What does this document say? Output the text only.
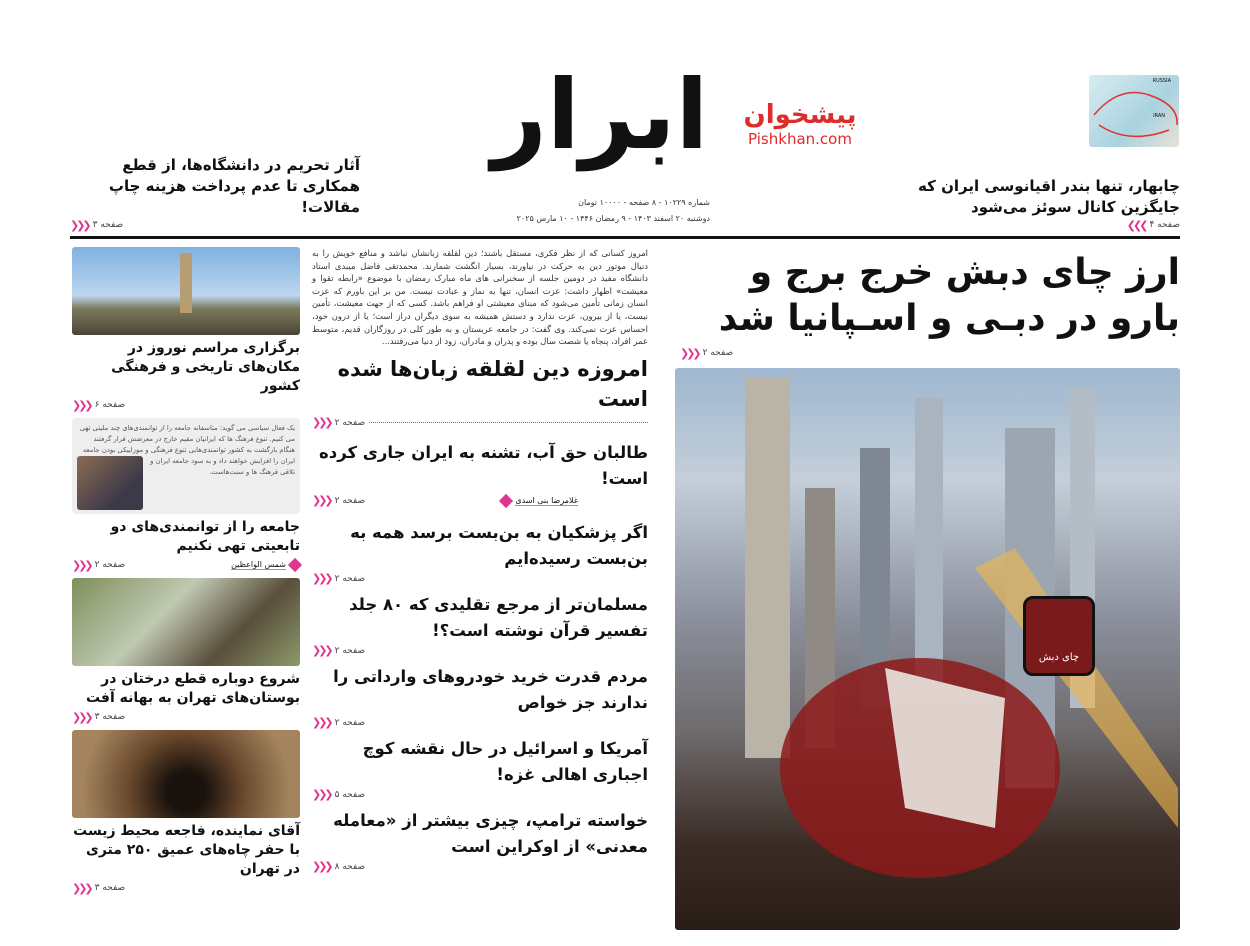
ابرار
شماره ۱۰۲۲۹ - ۸ صفحه - ۱۰۰۰۰ تومان
دوشنبه ۲۰ اسفند ۱۴۰۳ - ۹ رمضان ۱۴۴۶ - ۱۰ مارس ۲۰۲۵
پیشخوان
Pishkhan.com
RUSSIA
IRAN
چابهار، تنها بندر اقیانوسی ایران که جایگزین کانال سوئز می‌شود
❮❮❮ صفحه ۴
آثار تحریم در دانشگاه‌ها، از قطع همکاری تا عدم پرداخت هزینه چاپ مقالات!
❯❯❯ صفحه ۳
ارز چای دبش خرج برج و بارو در دبـی و اسـپانیا شد
❯❯❯ صفحه ۲
چای دبش
امروز کسانی که از نظر فکری، مستقل باشند؛ دین لقلقه زبانشان نباشد و منافع خویش را به دنبال موتور دین به حرکت در نیاورند، بسیار انگشت شمارند. محمدتقی فاضل میبدی استاد دانشگاه مفید در دومین جلسه از سخنرانی های ماه مبارک رمضان با موضوع «رابطه تقوا و معیشت» اظهار داشت: عزت انسان، تنها به نماز و عبادت نیست. من بر این باورم که عزت انسان زمانی تأمین می‌شود که مبنای معیشتی او فراهم باشد. کسی که از جهت معیشت، تأمین نیست، یا از بیرون، عزت ندارد و دستش همیشه به سوی دیگران دراز است؛ یا از درون خود، احساس عزت نمی‌کند. وی گفت: در جامعه عربستان و به طور کلی در روزگاران قدیم، متوسط عمر افراد، پنجاه یا شصت سال بوده و پدران و مادران، زود از دنیا می‌رفتند...
امروزه دین لقلقه زبان‌ها شده است
❯❯❯ صفحه ۲
طالبان حق آب، تشنه به ایران جاری کرده است!
❯❯❯ صفحه ۲	غلامرضا بنی اسدی
اگر پزشکیان به بن‌بست برسد همه به بن‌بست رسیده‌ایم
❯❯❯ صفحه ۲
مسلمان‌تر از مرجع تقلیدی که ۸۰ جلد تفسیر قرآن نوشته است؟!
❯❯❯ صفحه ۲
مردم قدرت خرید خودروهای وارداتی را ندارند جز خواص
❯❯❯ صفحه ۲
آمریکا و اسرائیل در حال نقشه کوچ اجباری اهالی غزه!
❯❯❯ صفحه ۵
خواسته ترامپ، چیزی بیشتر از «معامله معدنی» از اوکراین است
❯❯❯ صفحه ۸
برگزاری مراسم نوروز در مکان‌های تاریخی و فرهنگی کشور
❯❯❯ صفحه ۶
یک فعال سیاسی می گوید: متاسفانه جامعه را از توانمندی‌های چند ملیتی تهی می کنیم. تنوع فرهنگ ها که ایرانیان مقیم خارج در معرضش قرار گرفتند هنگام بازگشت به کشور توانمندی‌هایی تنوع فرهنگی و موزاییکی بودن جامعه ایران را افزایش خواهند داد و به سود جامعه ایران و تلاقی فرهنگ ها و سنت‌هاست.
جامعه را از توانمندی‌های دو تابعیتی تهی نکنیم
❯❯❯ صفحه ۲	شمس الواعظین
شروع دوباره قطع درختان در بوستان‌های تهران به بهانه آفت
❯❯❯ صفحه ۳
آقای نماینده، فاجعه محیط زیست با حفر چاه‌های عمیق ۲۵۰ متری در تهران
❯❯❯ صفحه ۳
